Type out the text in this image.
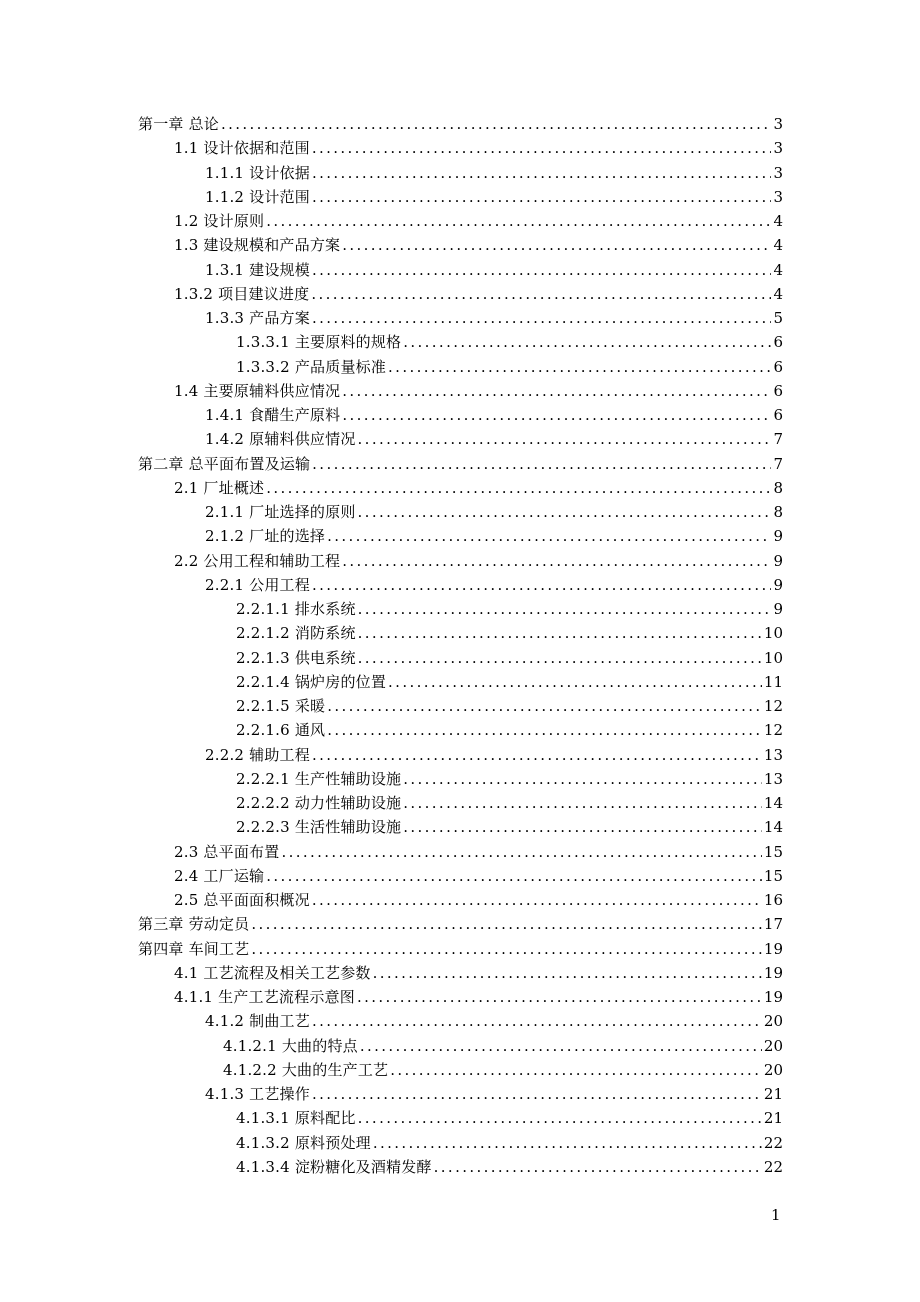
第一章 总论 . . .	3
1.1 设计依据和范围 . . .	3
1.1.1 设计依据 . . .	3
1.1.2 设计范围 . . .	3
1.2 设计原则 . . .	4
1.3 建设规模和产品方案 . . .	4
1.3.1 建设规模 . . .	4
1.3.2 项目建议进度 . . .	4
1.3.3 产品方案 . . .	5
1.3.3.1 主要原料的规格 . . .	6
1.3.3.2 产品质量标准 . . .	6
1.4 主要原辅料供应情况 . . .	6
1.4.1 食醋生产原料 . . .	6
1.4.2 原辅料供应情况 . . .	7
第二章 总平面布置及运输 . . .	7
2.1 厂址概述 . . .	8
2.1.1 厂址选择的原则 . . .	8
2.1.2 厂址的选择 . . .	9
2.2 公用工程和辅助工程 . . .	9
2.2.1 公用工程 . . .	9
2.2.1.1 排水系统 . . .	9
2.2.1.2 消防系统 . . .	10
2.2.1.3 供电系统 . . .	10
2.2.1.4 锅炉房的位置 . . .	11
2.2.1.5 采暖 . . .	12
2.2.1.6 通风 . . .	12
2.2.2 辅助工程 . . .	13
2.2.2.1 生产性辅助设施 . . .	13
2.2.2.2 动力性辅助设施 . . .	14
2.2.2.3 生活性辅助设施 . . .	14
2.3 总平面布置 . . .	15
2.4 工厂运输 . . .	15
2.5 总平面面积概况 . . .	16
第三章 劳动定员 . . .	17
第四章 车间工艺 . . .	19
4.1 工艺流程及相关工艺参数 . . .	19
4.1.1 生产工艺流程示意图 . . .	19
4.1.2 制曲工艺 . . .	20
4.1.2.1 大曲的特点 . . .	20
4.1.2.2 大曲的生产工艺 . . .	20
4.1.3 工艺操作 . . .	21
4.1.3.1 原料配比 . . .	21
4.1.3.2 原料预处理 . . .	22
4.1.3.4 淀粉糖化及酒精发酵 . . .	22
1
